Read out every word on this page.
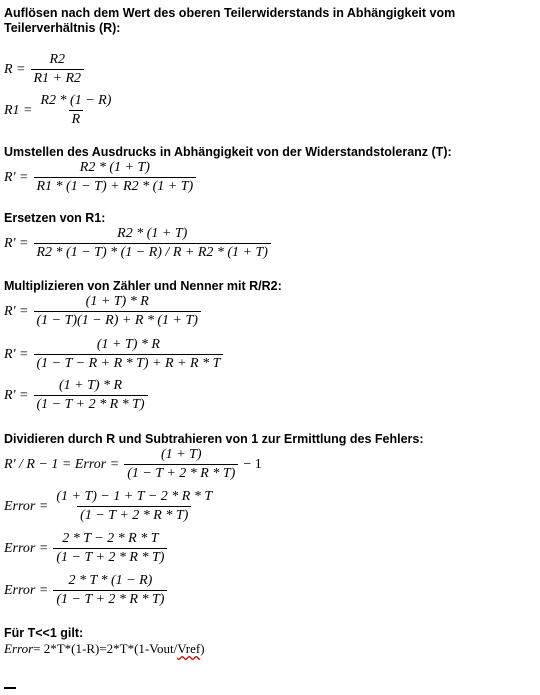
Auflösen nach dem Wert des oberen Teilerwiderstands in Abhängigkeit vom Teilerverhältnis (R):

$R = \frac{R2}{R1 + R2}$
$R1 = \frac{R2 * (1 - R)}{R}$

Umstellen des Ausdrucks in Abhängigkeit von der Widerstandstoleranz (T):

$R' = \frac{R2 * (1 + T)}{R1 * (1 - T) + R2 * (1 + T)}$

Ersetzen von R1:

$R' = \frac{R2 * (1 + T)}{R2 * (1 - T) * (1 - R) / R + R2 * (1 + T)}$

Multiplizieren von Zähler und Nenner mit R/R2:

$R' = \frac{(1 + T) * R}{(1 - T)(1 - R) + R * (1 + T)}$
$R' = \frac{(1 + T) * R}{(1 - T - R + R * T) + R + R * T}$
$R' = \frac{(1 + T) * R}{(1 - T + 2 * R * T)}$

Dividieren durch R und Subtrahieren von 1 zur Ermittlung des Fehlers:

R' / R − 1 = Error = $\frac{(1 + T)}{(1 - T + 2 * R * T)} - 1$
Error = $\frac{(1 + T) - 1 + T - 2 * R * T}{(1 - T + 2 * R * T)}$
Error = $\frac{2 * T - 2 * R * T}{(1 - T + 2 * R * T)}$
Error = $\frac{2 * T * (1 - R)}{(1 - T + 2 * R * T)}$

Für T<<1 gilt:

Error = 2*T*(1-R)=2*T*(1-Vout/ Vref )
